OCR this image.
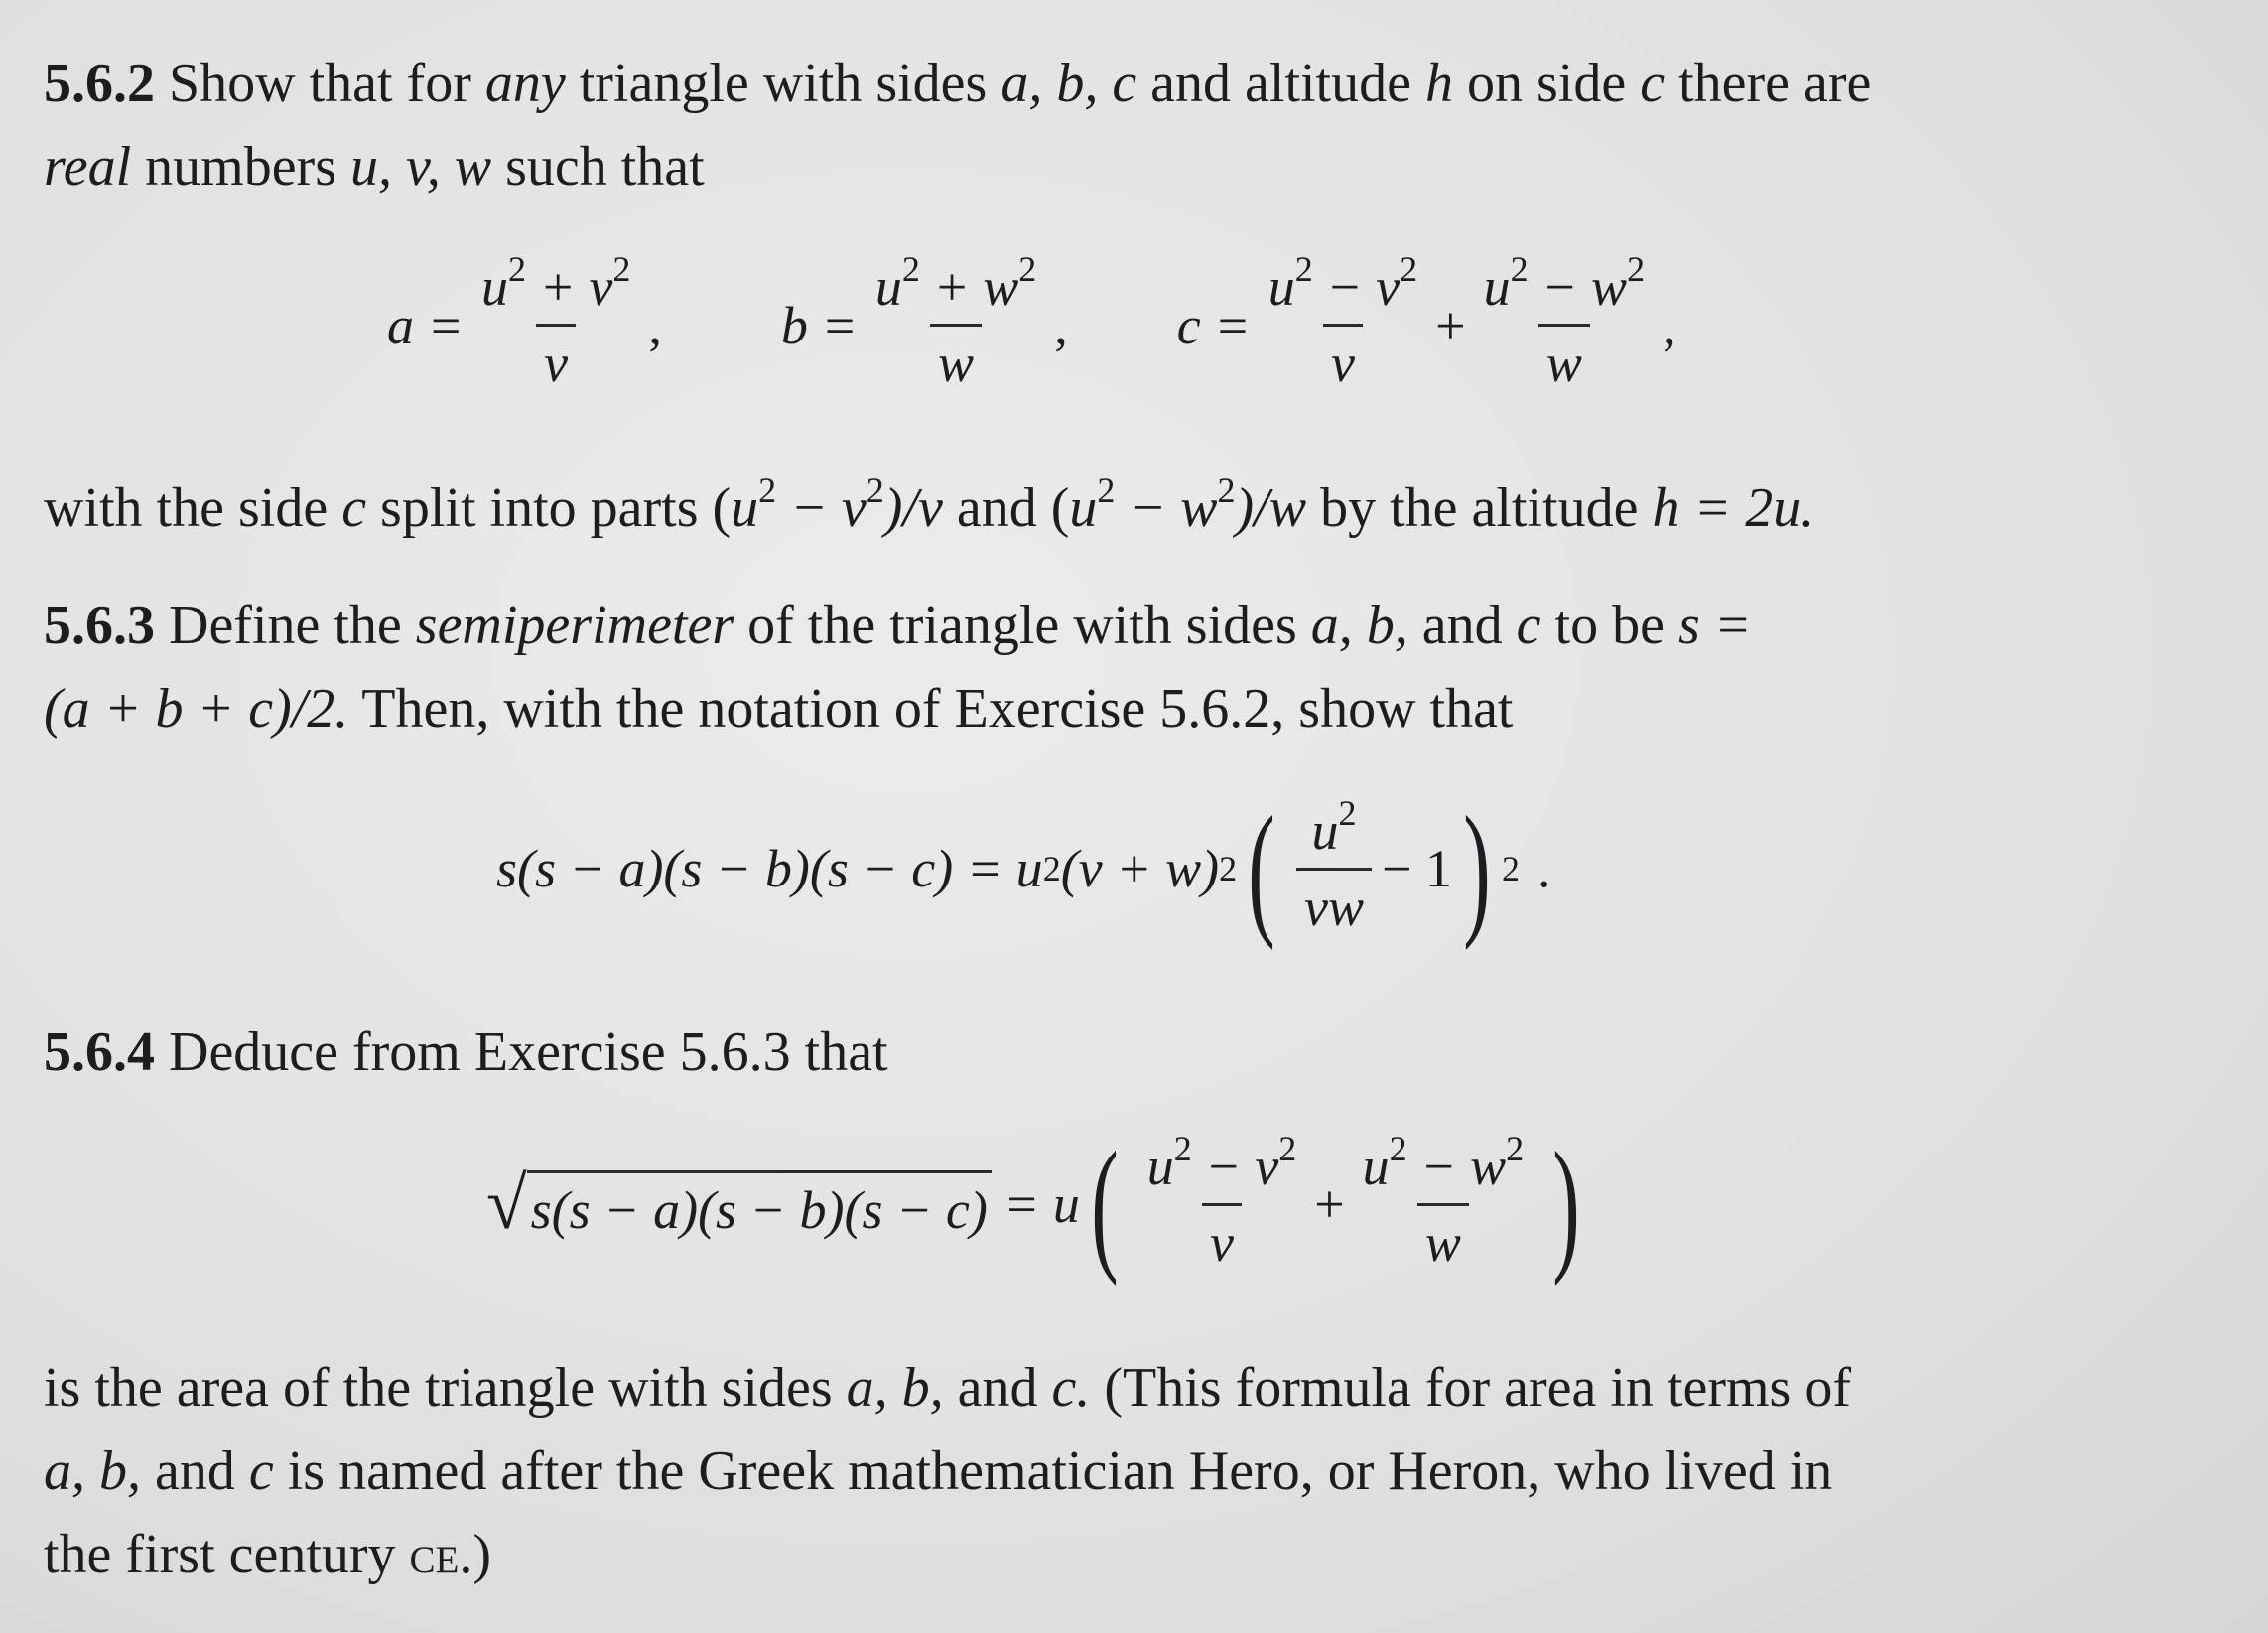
5.6.2 Show that for any triangle with sides a, b, c and altitude h on side c there are
real numbers u, v, w such that
$a = \frac{u^2 + v^2}{v}$ , $b = \frac{u^2 + w^2}{w}$ , $c = \frac{u^2 - v^2}{v} + \frac{u^2 - w^2}{w}$ ,
with the side c split into parts $(u^2 - v^2)/v$ and $(u^2 - w^2)/w$ by the altitude h = 2u.
5.6.3 Define the semiperimeter of the triangle with sides a, b, and c to be s =
(a + b + c)/2. Then, with the notation of Exercise 5.6.2, show that
s(s − a)(s − b)(s − c) = u 2 (v + w) 2 ( $\frac{u^2}{vw} - 1$ ) 2 .
5.6.4 Deduce from Exercise 5.6.3 that
√ s(s − a)(s − b)(s − c) = u ( $\frac{u^2 - v^2}{v} + \frac{u^2 - w^2}{w}$ )
is the area of the triangle with sides a, b, and c. (This formula for area in terms of
a, b, and c is named after the Greek mathematician Hero, or Heron, who lived in
the first century ce.)
